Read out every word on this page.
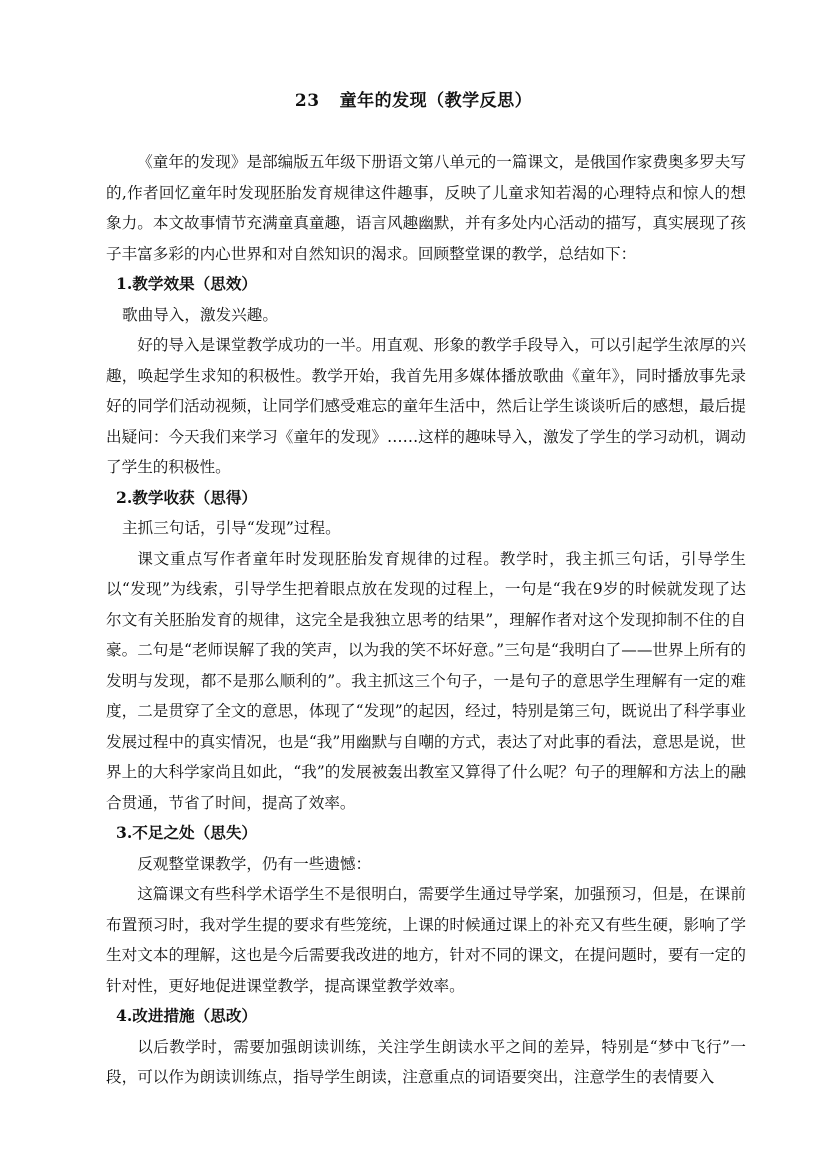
23 童年的发现（教学反思）

《童年的发现》是部编版五年级下册语文第八单元的一篇课文，是俄国作家费奥多罗夫写的,作者回忆童年时发现胚胎发育规律这件趣事，反映了儿童求知若渴的心理特点和惊人的想象力。本文故事情节充满童真童趣，语言风趣幽默，并有多处内心活动的描写，真实展现了孩子丰富多彩的内心世界和对自然知识的渴求。回顾整堂课的教学，总结如下：

1.教学效果（思效）

歌曲导入，激发兴趣。

好的导入是课堂教学成功的一半。用直观、形象的教学手段导入，可以引起学生浓厚的兴趣，唤起学生求知的积极性。教学开始，我首先用多媒体播放歌曲《童年》，同时播放事先录好的同学们活动视频，让同学们感受难忘的童年生活中，然后让学生谈谈听后的感想，最后提出疑问：今天我们来学习《童年的发现》……这样的趣味导入，激发了学生的学习动机，调动了学生的积极性。

2.教学收获（思得）

主抓三句话，引导“发现”过程。

课文重点写作者童年时发现胚胎发育规律的过程。教学时，我主抓三句话，引导学生以“发现”为线索，引导学生把着眼点放在发现的过程上，一句是“我在9岁的时候就发现了达尔文有关胚胎发育的规律，这完全是我独立思考的结果”，理解作者对这个发现抑制不住的自豪。二句是“老师误解了我的笑声，以为我的笑不坏好意。”三句是“我明白了——世界上所有的发明与发现，都不是那么顺利的”。我主抓这三个句子，一是句子的意思学生理解有一定的难度，二是贯穿了全文的意思，体现了“发现”的起因，经过，特别是第三句，既说出了科学事业发展过程中的真实情况，也是“我”用幽默与自嘲的方式，表达了对此事的看法，意思是说，世界上的大科学家尚且如此，“我”的发展被轰出教室又算得了什么呢？句子的理解和方法上的融合贯通，节省了时间，提高了效率。

3.不足之处（思失）

反观整堂课教学，仍有一些遗憾：

这篇课文有些科学术语学生不是很明白，需要学生通过导学案，加强预习，但是，在课前布置预习时，我对学生提的要求有些笼统，上课的时候通过课上的补充又有些生硬，影响了学生对文本的理解，这也是今后需要我改进的地方，针对不同的课文，在提问题时，要有一定的针对性，更好地促进课堂教学，提高课堂教学效率。

4.改进措施（思改）

以后教学时，需要加强朗读训练，关注学生朗读水平之间的差异，特别是“梦中飞行”一段，可以作为朗读训练点，指导学生朗读，注意重点的词语要突出，注意学生的表情要入
